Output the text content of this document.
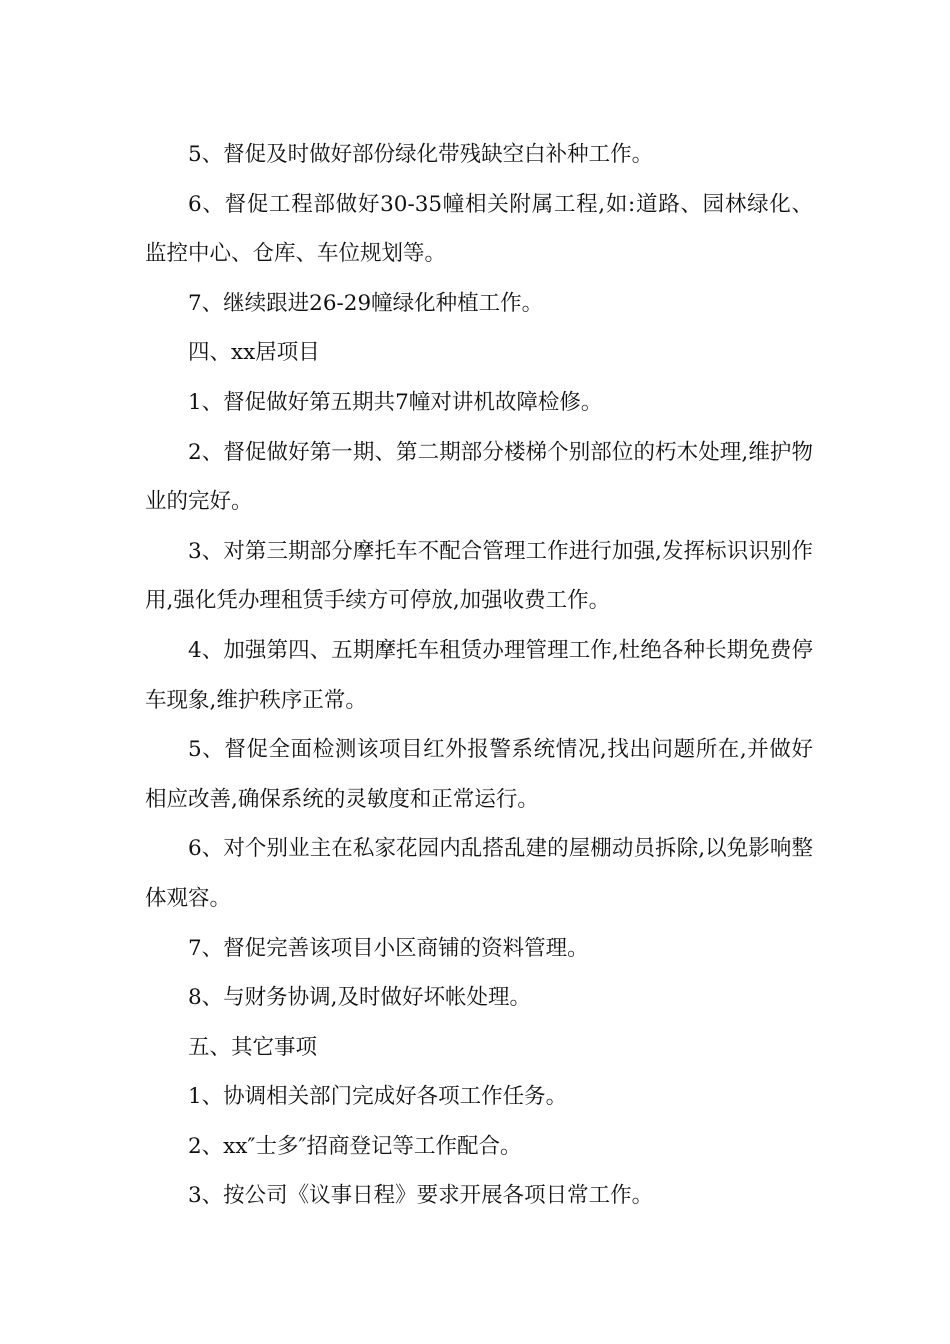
5、督促及时做好部份绿化带残缺空白补种工作。

6、督促工程部做好30-35幢相关附属工程,如:道路、园林绿化、监控中心、仓库、车位规划等。

7、继续跟进26-29幢绿化种植工作。

四、xx居项目

1、督促做好第五期共7幢对讲机故障检修。

2、督促做好第一期、第二期部分楼梯个别部位的朽木处理,维护物业的完好。

3、对第三期部分摩托车不配合管理工作进行加强,发挥标识识别作用,强化凭办理租赁手续方可停放,加强收费工作。

4、加强第四、五期摩托车租赁办理管理工作,杜绝各种长期免费停车现象,维护秩序正常。

5、督促全面检测该项目红外报警系统情况,找出问题所在,并做好相应改善,确保系统的灵敏度和正常运行。

6、对个别业主在私家花园内乱搭乱建的屋棚动员拆除,以免影响整体观容。

7、督促完善该项目小区商铺的资料管理。

8、与财务协调,及时做好坏帐处理。

五、其它事项

1、协调相关部门完成好各项工作任务。

2、xx″士多″招商登记等工作配合。

3、按公司《议事日程》要求开展各项日常工作。
